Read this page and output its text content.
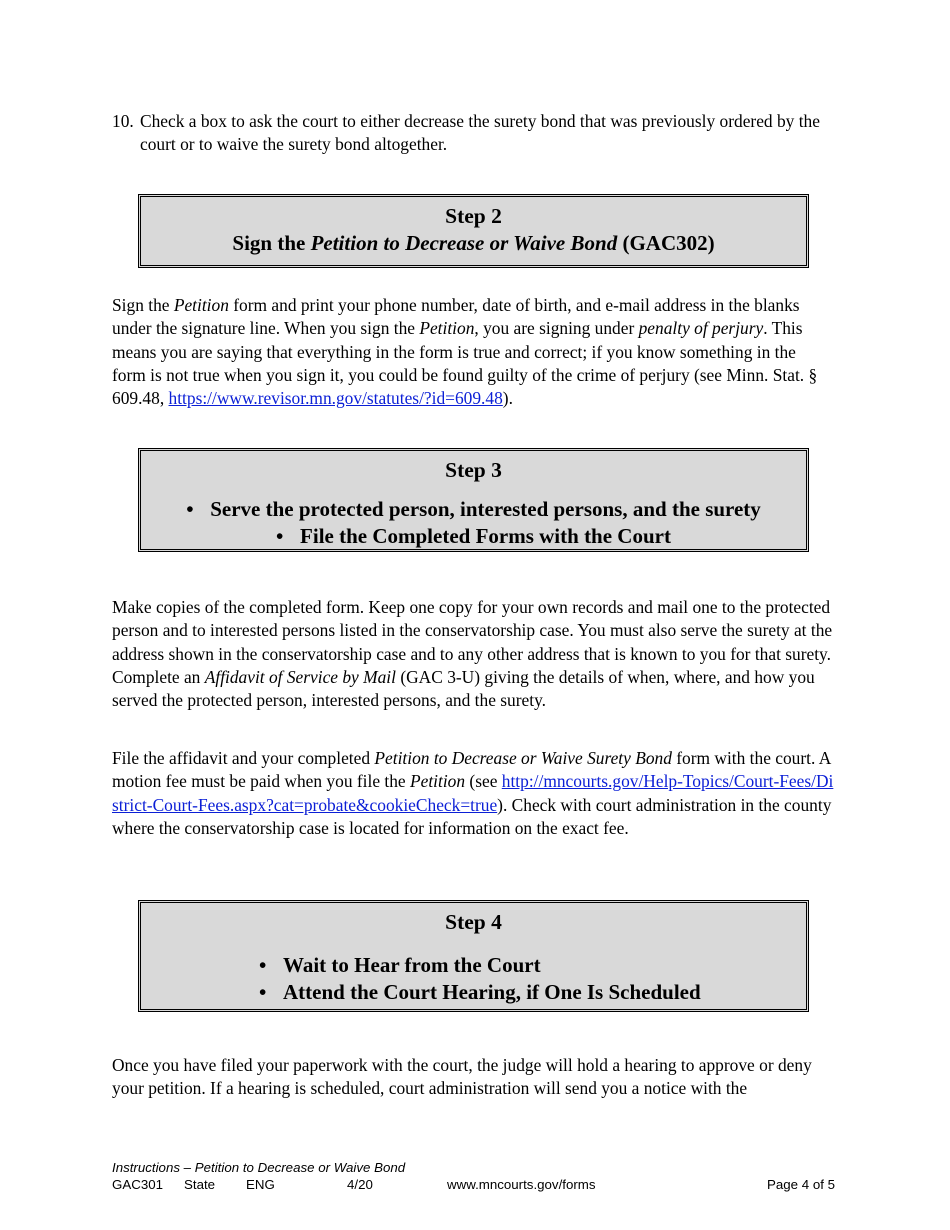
10. Check a box to ask the court to either decrease the surety bond that was previously ordered by the court or to waive the surety bond altogether.
Step 2
Sign the Petition to Decrease or Waive Bond (GAC302)

Sign the Petition form and print your phone number, date of birth, and e-mail address in the blanks under the signature line. When you sign the Petition, you are signing under penalty of perjury. This means you are saying that everything in the form is true and correct; if you know something in the form is not true when you sign it, you could be found guilty of the crime of perjury (see Minn. Stat. § 609.48, https://www.revisor.mn.gov/statutes/?id=609.48).

Step 3
• Serve the protected person, interested persons, and the surety
• File the Completed Forms with the Court

Make copies of the completed form. Keep one copy for your own records and mail one to the protected person and to interested persons listed in the conservatorship case. You must also serve the surety at the address shown in the conservatorship case and to any other address that is known to you for that surety. Complete an Affidavit of Service by Mail (GAC 3-U) giving the details of when, where, and how you served the protected person, interested persons, and the surety.

File the affidavit and your completed Petition to Decrease or Waive Surety Bond form with the court. A motion fee must be paid when you file the Petition (see http://mncourts.gov/Help-Topics/Court-Fees/District-Court-Fees.aspx?cat=probate&cookieCheck=true). Check with court administration in the county where the conservatorship case is located for information on the exact fee.

Step 4
• Wait to Hear from the Court
• Attend the Court Hearing, if One Is Scheduled

Once you have filed your paperwork with the court, the judge will hold a hearing to approve or deny your petition. If a hearing is scheduled, court administration will send you a notice with the

Instructions – Petition to Decrease or Waive Bond
GAC301 State ENG	4/20	www.mncourts.gov/forms	Page 4 of 5
